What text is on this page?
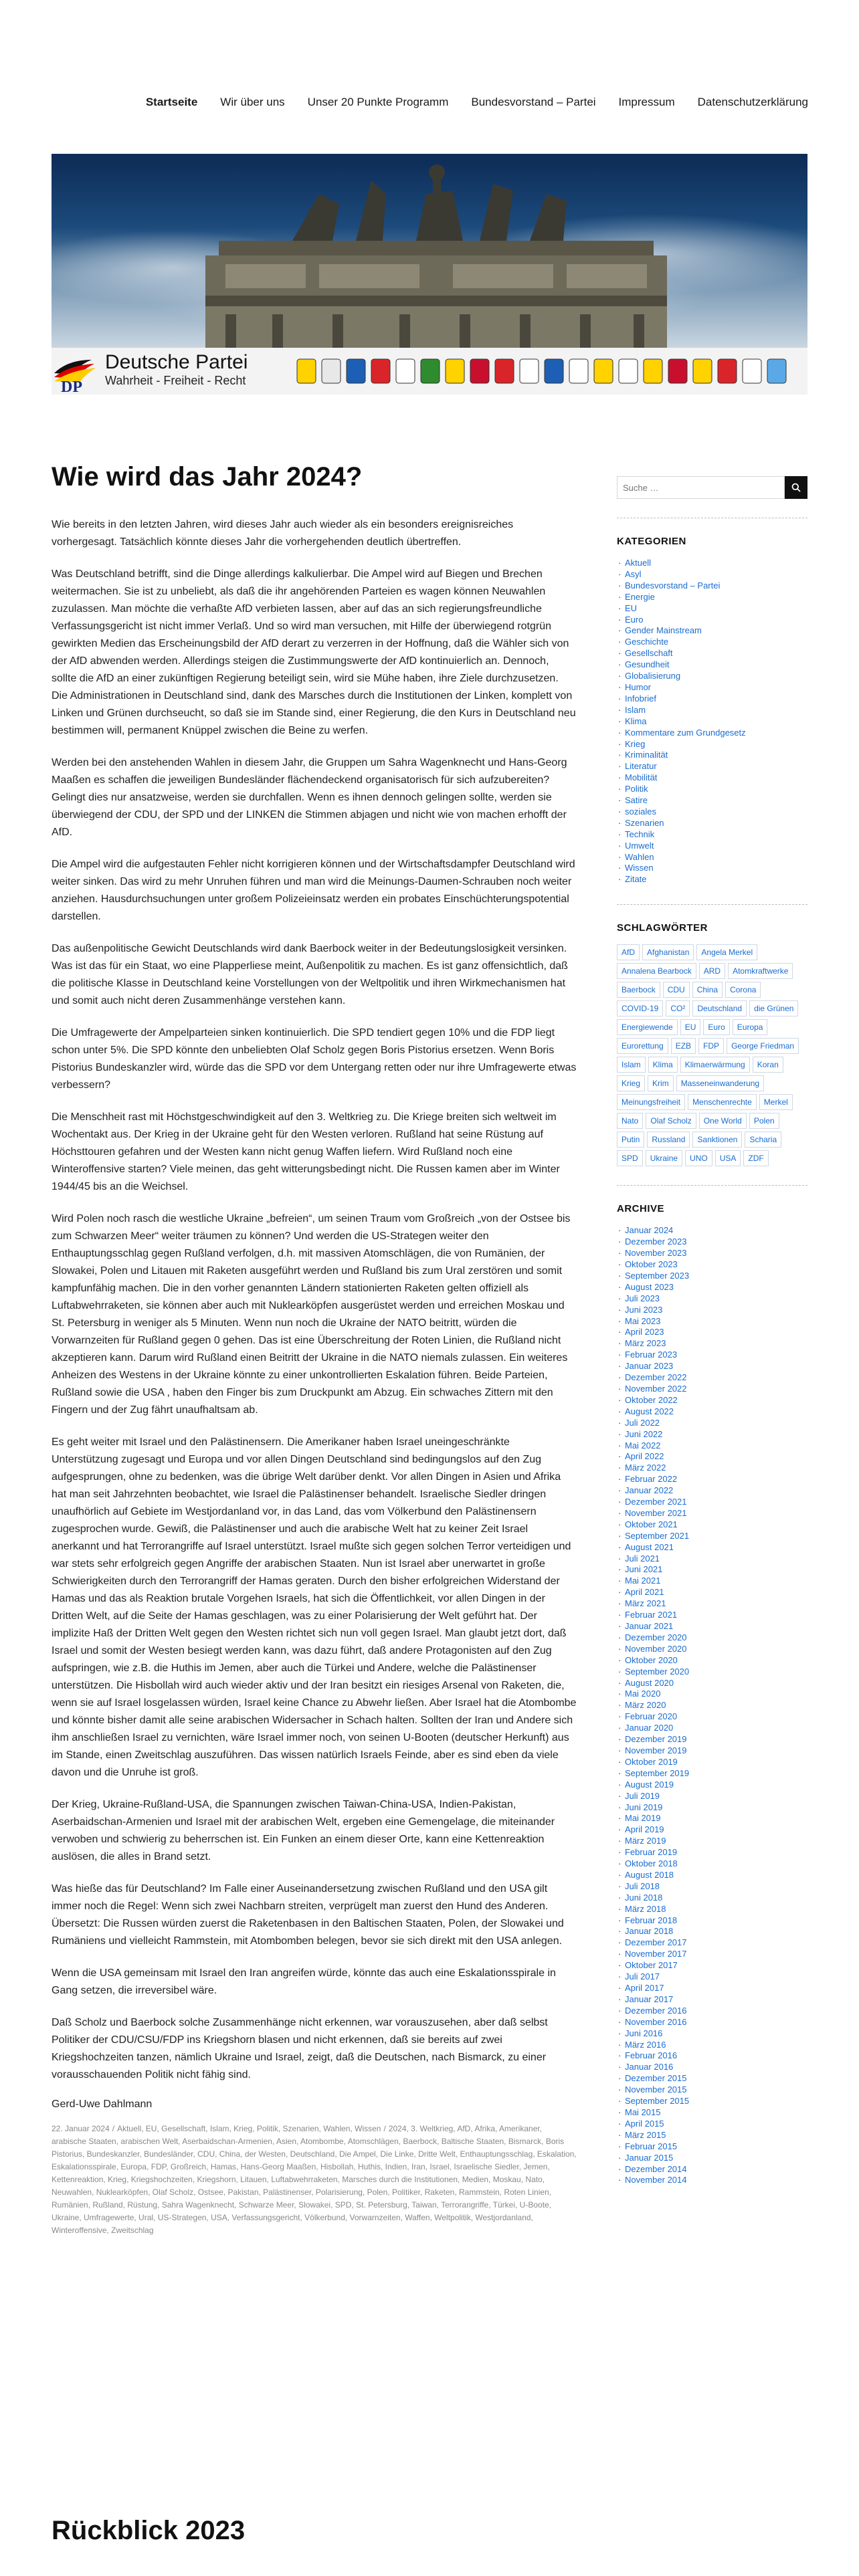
Startseite Wir über uns Unser 20 Punkte Programm Bundesvorstand – Partei Impressum Datenschutzerklärung
DP
Deutsche Partei
Wahrheit - Freiheit - Recht
Wie wird das Jahr 2024?

Wie bereits in den letzten Jahren, wird dieses Jahr auch wieder als ein besonders ereignisreiches vorhergesagt. Tatsächlich könnte dieses Jahr die vorhergehenden deutlich übertreffen.

Was Deutschland betrifft, sind die Dinge allerdings kalkulierbar. Die Ampel wird auf Biegen und Brechen weitermachen. Sie ist zu unbeliebt, als daß die ihr angehörenden Parteien es wagen können Neuwahlen zuzulassen. Man möchte die verhaßte AfD verbieten lassen, aber auf das an sich regierungsfreundliche Verfassungsgericht ist nicht immer Verlaß. Und so wird man versuchen, mit Hilfe der überwiegend rotgrün gewirkten Medien das Erscheinungsbild der AfD derart zu verzerren in der Hoffnung, daß die Wähler sich von der AfD abwenden werden. Allerdings steigen die Zustimmungswerte der AfD kontinuierlich an. Dennoch, sollte die AfD an einer zukünftigen Regierung beteiligt sein, wird sie Mühe haben, ihre Ziele durchzusetzen. Die Administrationen in Deutschland sind, dank des Marsches durch die Institutionen der Linken, komplett von Linken und Grünen durchseucht, so daß sie im Stande sind, einer Regierung, die den Kurs in Deutschland neu bestimmen will, permanent Knüppel zwischen die Beine zu werfen.

Werden bei den anstehenden Wahlen in diesem Jahr, die Gruppen um Sahra Wagenknecht und Hans-Georg Maaßen es schaffen die jeweiligen Bundesländer flächendeckend organisatorisch für sich aufzubereiten? Gelingt dies nur ansatzweise, werden sie durchfallen. Wenn es ihnen dennoch gelingen sollte, werden sie überwiegend der CDU, der SPD und der LINKEN die Stimmen abjagen und nicht wie von machen erhofft der AfD.

Die Ampel wird die aufgestauten Fehler nicht korrigieren können und der Wirtschaftsdampfer Deutschland wird weiter sinken. Das wird zu mehr Unruhen führen und man wird die Meinungs-Daumen-Schrauben noch weiter anziehen. Hausdurchsuchungen unter großem Polizeieinsatz werden ein probates Einschüchterungspotential darstellen.

Das außenpolitische Gewicht Deutschlands wird dank Baerbock weiter in der Bedeutungslosigkeit versinken. Was ist das für ein Staat, wo eine Plapperliese meint, Außenpolitik zu machen. Es ist ganz offensichtlich, daß die politische Klasse in Deutschland keine Vorstellungen von der Weltpolitik und ihren Wirkmechanismen hat und somit auch nicht deren Zusammenhänge verstehen kann.

Die Umfragewerte der Ampelparteien sinken kontinuierlich. Die SPD tendiert gegen 10% und die FDP liegt schon unter 5%. Die SPD könnte den unbeliebten Olaf Scholz gegen Boris Pistorius ersetzen. Wenn Boris Pistorius Bundeskanzler wird, würde das die SPD vor dem Untergang retten oder nur ihre Umfragewerte etwas verbessern?

Die Menschheit rast mit Höchstgeschwindigkeit auf den 3. Weltkrieg zu. Die Kriege breiten sich weltweit im Wochentakt aus. Der Krieg in der Ukraine geht für den Westen verloren. Rußland hat seine Rüstung auf Höchsttouren gefahren und der Westen kann nicht genug Waffen liefern. Wird Rußland noch eine Winteroffensive starten? Viele meinen, das geht witterungsbedingt nicht. Die Russen kamen aber im Winter 1944/45 bis an die Weichsel.

Wird Polen noch rasch die westliche Ukraine „befreien“, um seinen Traum vom Großreich „von der Ostsee bis zum Schwarzen Meer“ weiter träumen zu können? Und werden die US-Strategen weiter den Enthauptungsschlag gegen Rußland verfolgen, d.h. mit massiven Atomschlägen, die von Rumänien, der Slowakei, Polen und Litauen mit Raketen ausgeführt werden und Rußland bis zum Ural zerstören und somit kampfunfähig machen. Die in den vorher genannten Ländern stationierten Raketen gelten offiziell als Luftabwehrraketen, sie können aber auch mit Nuklearköpfen ausgerüstet werden und erreichen Moskau und St. Petersburg in weniger als 5 Minuten. Wenn nun noch die Ukraine der NATO beitritt, würden die Vorwarnzeiten für Rußland gegen 0 gehen. Das ist eine Überschreitung der Roten Linien, die Rußland nicht akzeptieren kann. Darum wird Rußland einen Beitritt der Ukraine in die NATO niemals zulassen. Ein weiteres Anheizen des Westens in der Ukraine könnte zu einer unkontrollierten Eskalation führen. Beide Parteien, Rußland sowie die USA , haben den Finger bis zum Druckpunkt am Abzug. Ein schwaches Zittern mit den Fingern und der Zug fährt unaufhaltsam ab.

Es geht weiter mit Israel und den Palästinensern. Die Amerikaner haben Israel uneingeschränkte Unterstützung zugesagt und Europa und vor allen Dingen Deutschland sind bedingungslos auf den Zug aufgesprungen, ohne zu bedenken, was die übrige Welt darüber denkt. Vor allen Dingen in Asien und Afrika hat man seit Jahrzehnten beobachtet, wie Israel die Palästinenser behandelt. Israelische Siedler dringen unaufhörlich auf Gebiete im Westjordanland vor, in das Land, das vom Völkerbund den Palästinensern zugesprochen wurde. Gewiß, die Palästinenser und auch die arabische Welt hat zu keiner Zeit Israel anerkannt und hat Terrorangriffe auf Israel unterstützt. Israel mußte sich gegen solchen Terror verteidigen und war stets sehr erfolgreich gegen Angriffe der arabischen Staaten. Nun ist Israel aber unerwartet in große Schwierigkeiten durch den Terrorangriff der Hamas geraten. Durch den bisher erfolgreichen Widerstand der Hamas und das als Reaktion brutale Vorgehen Israels, hat sich die Öffentlichkeit, vor allen Dingen in der Dritten Welt, auf die Seite der Hamas geschlagen, was zu einer Polarisierung der Welt geführt hat. Der implizite Haß der Dritten Welt gegen den Westen richtet sich nun voll gegen Israel. Man glaubt jetzt dort, daß Israel und somit der Westen besiegt werden kann, was dazu führt, daß andere Protagonisten auf den Zug aufspringen, wie z.B. die Huthis im Jemen, aber auch die Türkei und Andere, welche die Palästinenser unterstützen. Die Hisbollah wird auch wieder aktiv und der Iran besitzt ein riesiges Arsenal von Raketen, die, wenn sie auf Israel losgelassen würden, Israel keine Chance zu Abwehr ließen. Aber Israel hat die Atombombe und könnte bisher damit alle seine arabischen Widersacher in Schach halten. Sollten der Iran und Andere sich ihm anschließen Israel zu vernichten, wäre Israel immer noch, von seinen U-Booten (deutscher Herkunft) aus im Stande, einen Zweitschlag auszuführen. Das wissen natürlich Israels Feinde, aber es sind eben da viele davon und die Unruhe ist groß.

Der Krieg, Ukraine-Rußland-USA, die Spannungen zwischen Taiwan-China-USA, Indien-Pakistan, Aserbaidschan-Armenien und Israel mit der arabischen Welt, ergeben eine Gemengelage, die miteinander verwoben und schwierig zu beherrschen ist. Ein Funken an einem dieser Orte, kann eine Kettenreaktion auslösen, die alles in Brand setzt.

Was hieße das für Deutschland? Im Falle einer Auseinandersetzung zwischen Rußland und den USA gilt immer noch die Regel: Wenn sich zwei Nachbarn streiten, verprügelt man zuerst den Hund des Anderen. Übersetzt: Die Russen würden zuerst die Raketenbasen in den Baltischen Staaten, Polen, der Slowakei und Rumäniens und vielleicht Rammstein, mit Atombomben belegen, bevor sie sich direkt mit den USA anlegen.

Wenn die USA gemeinsam mit Israel den Iran angreifen würde, könnte das auch eine Eskalationsspirale in Gang setzen, die irreversibel wäre.

Daß Scholz und Baerbock solche Zusammenhänge nicht erkennen, war vorauszusehen, aber daß selbst Politiker der CDU/CSU/FDP ins Kriegshorn blasen und nicht erkennen, daß sie bereits auf zwei Kriegshochzeiten tanzen, nämlich Ukraine und Israel, zeigt, daß die Deutschen, nach Bismarck, zu einer vorausschauenden Politik nicht fähig sind.

Gerd-Uwe Dahlmann

22. Januar 2024 / Aktuell, EU, Gesellschaft, Islam, Krieg, Politik, Szenarien, Wahlen, Wissen / 2024, 3. Weltkrieg, AfD, Afrika, Amerikaner, arabische Staaten, arabischen Welt, Aserbaidschan-Armenien, Asien, Atombombe, Atomschlägen, Baerbock, Baltische Staaten, Bismarck, Boris Pistorius, Bundeskanzler, Bundesländer, CDU, China, der Westen, Deutschland, Die Ampel, Die Linke, Dritte Welt, Enthauptungsschlag, Eskalation, Eskalationsspirale, Europa, FDP, Großreich, Hamas, Hans-Georg Maaßen, Hisbollah, Huthis, Indien, Iran, Israel, Israelische Siedler, Jemen, Kettenreaktion, Krieg, Kriegshochzeiten, Kriegshorn, Litauen, Luftabwehrraketen, Marsches durch die Institutionen, Medien, Moskau, Nato, Neuwahlen, Nuklearköpfen, Olaf Scholz, Ostsee, Pakistan, Palästinenser, Polarisierung, Polen, Politiker, Raketen, Rammstein, Roten Linien, Rumänien, Rußland, Rüstung, Sahra Wagenknecht, Schwarze Meer, Slowakei, SPD, St. Petersburg, Taiwan, Terrorangriffe, Türkei, U-Boote, Ukraine, Umfragewerte, Ural, US-Strategen, USA, Verfassungsgericht, Völkerbund, Vorwarnzeiten, Waffen, Weltpolitik, Westjordanland, Winteroffensive, Zweitschlag
Rückblick 2023
Suche …
KATEGORIEN
· Aktuell
· Asyl
· Bundesvorstand – Partei
· Energie
· EU
· Euro
· Gender Mainstream
· Geschichte
· Gesellschaft
· Gesundheit
· Globalisierung
· Humor
· Infobrief
· Islam
· Klima
· Kommentare zum Grundgesetz
· Krieg
· Kriminalität
· Literatur
· Mobilität
· Politik
· Satire
· soziales
· Szenarien
· Technik
· Umwelt
· Wahlen
· Wissen
· Zitate
SCHLAGWÖRTER
AfD	Afghanistan	Angela Merkel
Annalena Bearbock	ARD	Atomkraftwerke
Baerbock	CDU	China	Corona
COVID-19	CO²	Deutschland	die Grünen
Energiewende	EU	Euro	Europa
Eurorettung	EZB	FDP	George Friedman
Islam	Klima	Klimaerwärmung	Koran
Krieg	Krim	Masseneinwanderung
Meinungsfreiheit	Menschenrechte	Merkel
Nato	Olaf Scholz	One World	Polen
Putin	Russland	Sanktionen	Scharia
SPD	Ukraine	UNO	USA	ZDF
ARCHIVE
· Januar 2024
· Dezember 2023
· November 2023
· Oktober 2023
· September 2023
· August 2023
· Juli 2023
· Juni 2023
· Mai 2023
· April 2023
· März 2023
· Februar 2023
· Januar 2023
· Dezember 2022
· November 2022
· Oktober 2022
· August 2022
· Juli 2022
· Juni 2022
· Mai 2022
· April 2022
· März 2022
· Februar 2022
· Januar 2022
· Dezember 2021
· November 2021
· Oktober 2021
· September 2021
· August 2021
· Juli 2021
· Juni 2021
· Mai 2021
· April 2021
· März 2021
· Februar 2021
· Januar 2021
· Dezember 2020
· November 2020
· Oktober 2020
· September 2020
· August 2020
· Mai 2020
· März 2020
· Februar 2020
· Januar 2020
· Dezember 2019
· November 2019
· Oktober 2019
· September 2019
· August 2019
· Juli 2019
· Juni 2019
· Mai 2019
· April 2019
· März 2019
· Februar 2019
· Oktober 2018
· August 2018
· Juli 2018
· Juni 2018
· März 2018
· Februar 2018
· Januar 2018
· Dezember 2017
· November 2017
· Oktober 2017
· Juli 2017
· April 2017
· Januar 2017
· Dezember 2016
· November 2016
· Juni 2016
· März 2016
· Februar 2016
· Januar 2016
· Dezember 2015
· November 2015
· September 2015
· Mai 2015
· April 2015
· März 2015
· Februar 2015
· Januar 2015
· Dezember 2014
· November 2014
